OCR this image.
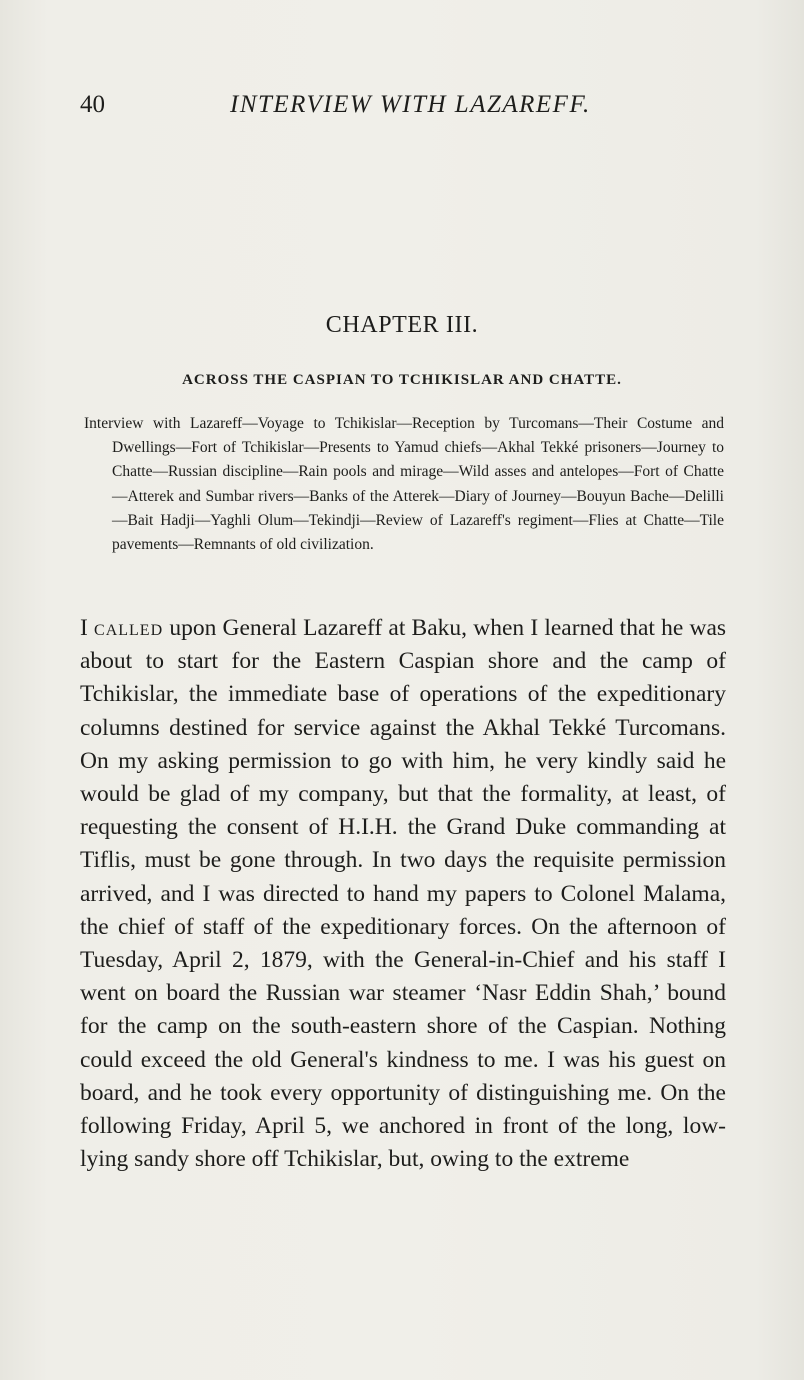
40	INTERVIEW WITH LAZAREFF.
CHAPTER III.
ACROSS THE CASPIAN TO TCHIKISLAR AND CHATTE.
Interview with Lazareff—Voyage to Tchikislar—Reception by Turcomans—Their Costume and Dwellings—Fort of Tchikislar—Presents to Yamud chiefs—Akhal Tekké prisoners—Journey to Chatte—Russian discipline—Rain pools and mirage—Wild asses and antelopes—Fort of Chatte—Atterek and Sumbar rivers—Banks of the Atterek—Diary of Journey—Bouyun Bache—Delilli—Bait Hadji—Yaghli Olum—Tekindji—Review of Lazareff's regiment—Flies at Chatte—Tile pavements—Remnants of old civilization.
I called upon General Lazareff at Baku, when I learned that he was about to start for the Eastern Caspian shore and the camp of Tchikislar, the immediate base of operations of the expeditionary columns destined for service against the Akhal Tekké Turcomans. On my asking permission to go with him, he very kindly said he would be glad of my company, but that the formality, at least, of requesting the consent of H.I.H. the Grand Duke commanding at Tiflis, must be gone through. In two days the requisite permission arrived, and I was directed to hand my papers to Colonel Malama, the chief of staff of the expeditionary forces. On the afternoon of Tuesday, April 2, 1879, with the General-in-Chief and his staff I went on board the Russian war steamer ‘Nasr Eddin Shah,’ bound for the camp on the south-eastern shore of the Caspian. Nothing could exceed the old General's kindness to me. I was his guest on board, and he took every opportunity of distinguishing me. On the following Friday, April 5, we anchored in front of the long, low-lying sandy shore off Tchikislar, but, owing to the extreme
